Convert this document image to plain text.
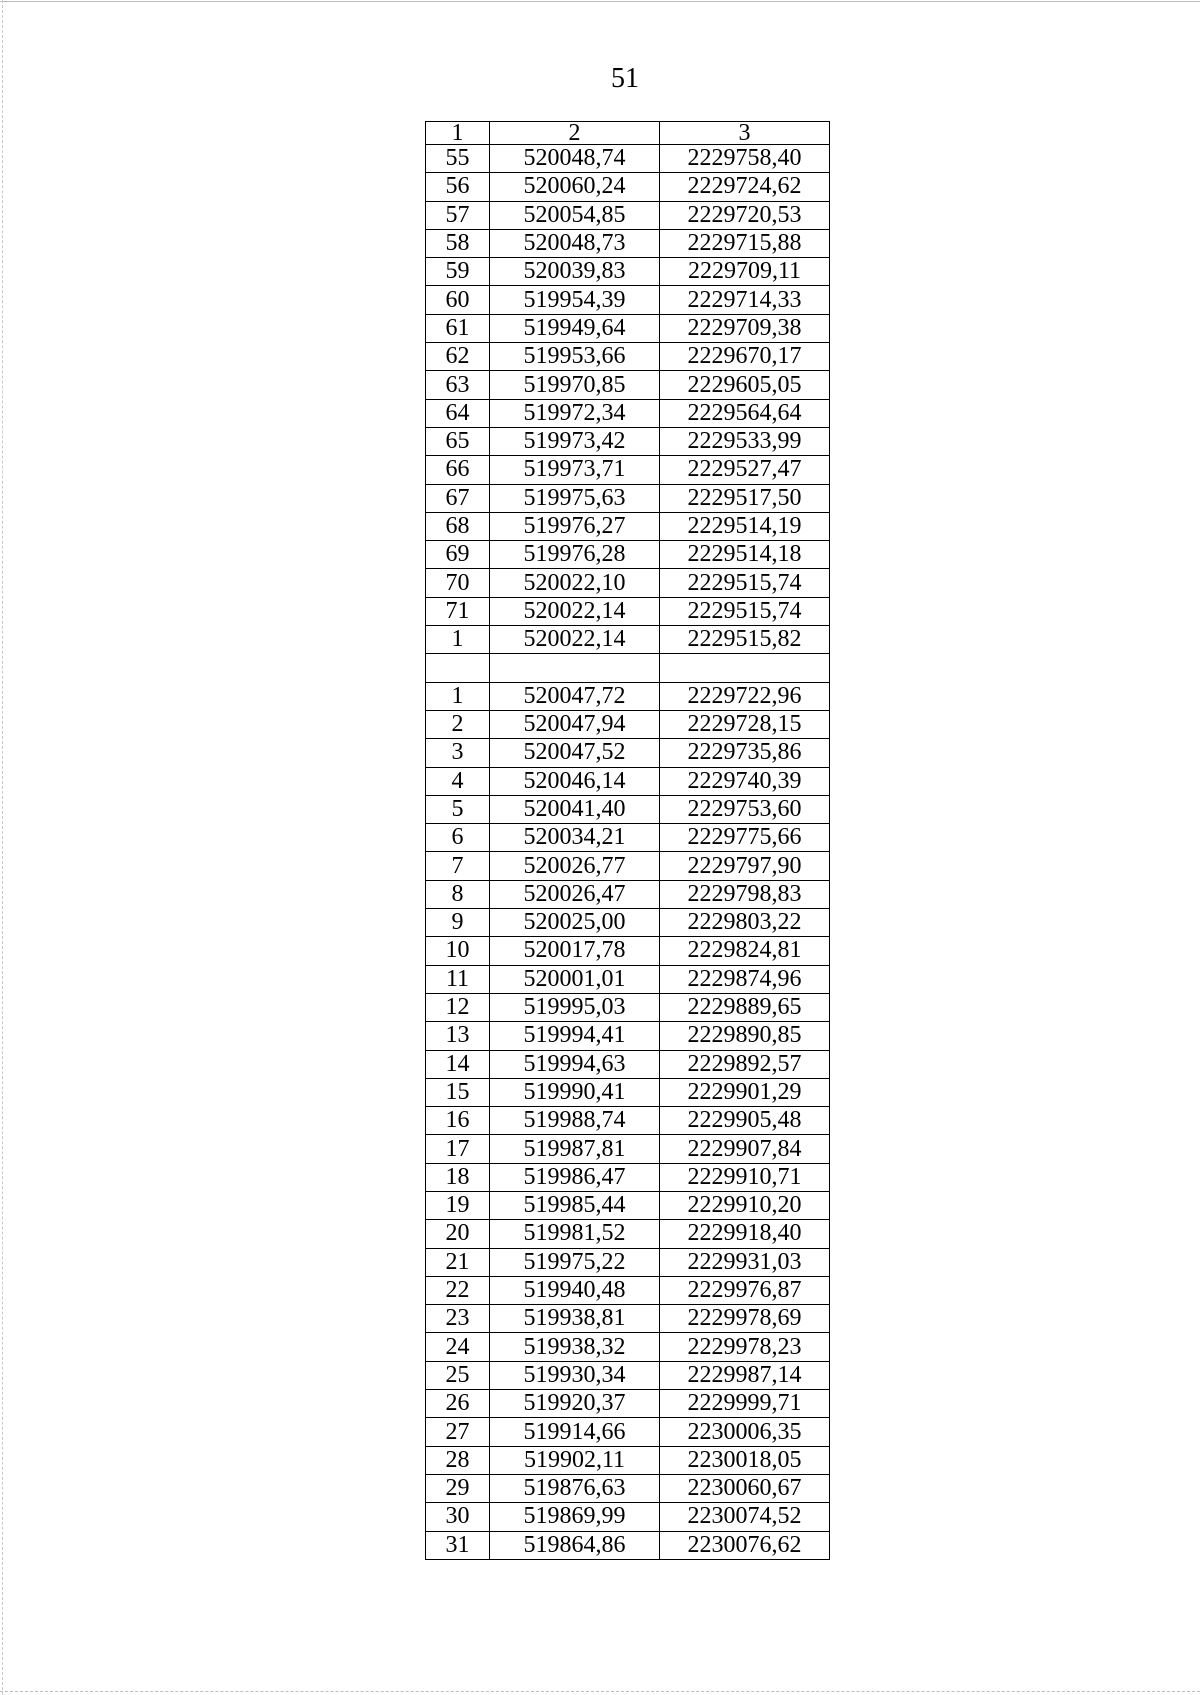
51
1	2	3
55	520048,74	2229758,40
56	520060,24	2229724,62
57	520054,85	2229720,53
58	520048,73	2229715,88
59	520039,83	2229709,11
60	519954,39	2229714,33
61	519949,64	2229709,38
62	519953,66	2229670,17
63	519970,85	2229605,05
64	519972,34	2229564,64
65	519973,42	2229533,99
66	519973,71	2229527,47
67	519975,63	2229517,50
68	519976,27	2229514,19
69	519976,28	2229514,18
70	520022,10	2229515,74
71	520022,14	2229515,74
1	520022,14	2229515,82

1	520047,72	2229722,96
2	520047,94	2229728,15
3	520047,52	2229735,86
4	520046,14	2229740,39
5	520041,40	2229753,60
6	520034,21	2229775,66
7	520026,77	2229797,90
8	520026,47	2229798,83
9	520025,00	2229803,22
10	520017,78	2229824,81
11	520001,01	2229874,96
12	519995,03	2229889,65
13	519994,41	2229890,85
14	519994,63	2229892,57
15	519990,41	2229901,29
16	519988,74	2229905,48
17	519987,81	2229907,84
18	519986,47	2229910,71
19	519985,44	2229910,20
20	519981,52	2229918,40
21	519975,22	2229931,03
22	519940,48	2229976,87
23	519938,81	2229978,69
24	519938,32	2229978,23
25	519930,34	2229987,14
26	519920,37	2229999,71
27	519914,66	2230006,35
28	519902,11	2230018,05
29	519876,63	2230060,67
30	519869,99	2230074,52
31	519864,86	2230076,62
